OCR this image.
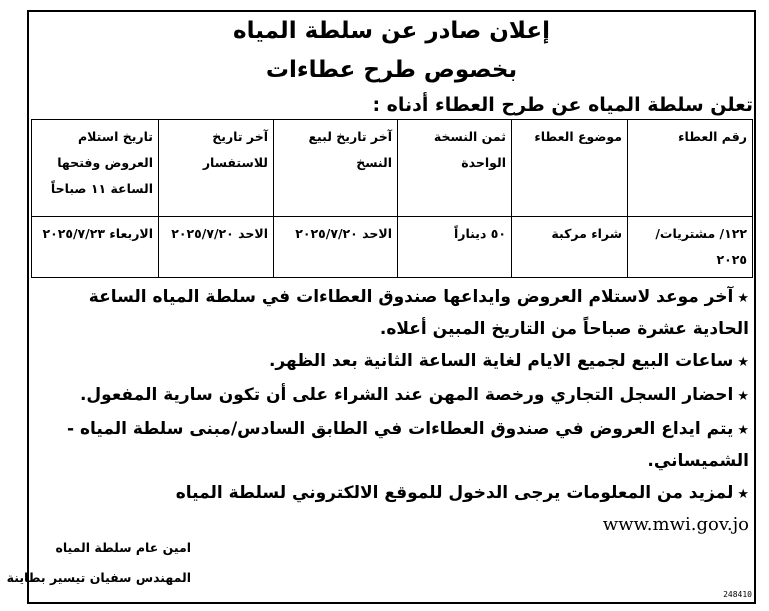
إعلان صادر عن سلطة المياه
بخصوص طرح عطاءات
تعلن سلطة المياه عن طرح العطاء أدناه :
رقم العطاء	موضوع العطاء	ثمن النسخة الواحدة	آخر تاريخ لبيع النسخ	آخر تاريخ للاستفسار	تاريخ استلام العروض وفتحها الساعة ١١ صباحاً
١٢٢/ مشتريات/٢٠٢٥	شراء مركبة	٥٠ ديناراً	الاحد ٢٠٢٥/٧/٢٠	الاحد ٢٠٢٥/٧/٢٠	الاربعاء ٢٠٢٥/٧/٢٣
★آخر موعد لاستلام العروض وايداعها صندوق العطاءات في سلطة المياه الساعة الحادية عشرة صباحاً من التاريخ المبين أعلاه.
★ساعات البيع لجميع الايام لغاية الساعة الثانية بعد الظهر.
★احضار السجل التجاري ورخصة المهن عند الشراء على أن تكون سارية المفعول.
★يتم ايداع العروض في صندوق العطاءات في الطابق السادس/مبنى سلطة المياه - الشميساني.
★لمزيد من المعلومات يرجى الدخول للموقع الالكتروني لسلطة المياه www.mwi.gov.jo
امين عام سلطة المياه
المهندس سفيان تيسير بطاينة
248410
